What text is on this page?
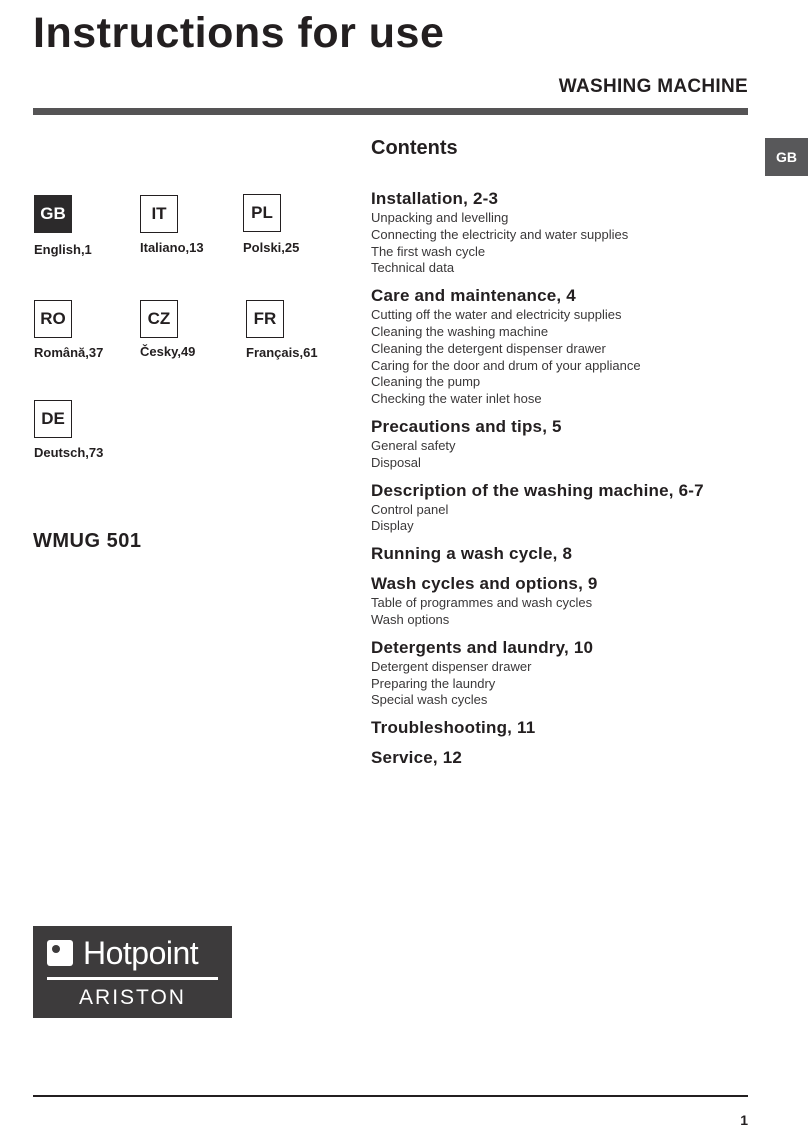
Instructions for use
WASHING MACHINE
GB
GB
English,1
IT
Italiano,13
PL
Polski,25
RO
Română,37
CZ
Česky,49
FR
Français,61
DE
Deutsch,73
WMUG 501
Hotpoint
ARISTON
Contents
Installation, 2-3
Unpacking and levelling
Connecting the electricity and water supplies
The first wash cycle
Technical data
Care and maintenance, 4
Cutting off the water and electricity supplies
Cleaning the washing machine
Cleaning the detergent dispenser drawer
Caring for the door and drum of your appliance
Cleaning the pump
Checking the water inlet hose
Precautions and tips, 5
General safety
Disposal
Description of the washing machine, 6-7
Control panel
Display
Running a wash cycle, 8
Wash cycles and options, 9
Table of programmes and wash cycles
Wash options
Detergents and laundry, 10
Detergent dispenser drawer
Preparing the laundry
Special wash cycles
Troubleshooting, 11
Service, 12
1
